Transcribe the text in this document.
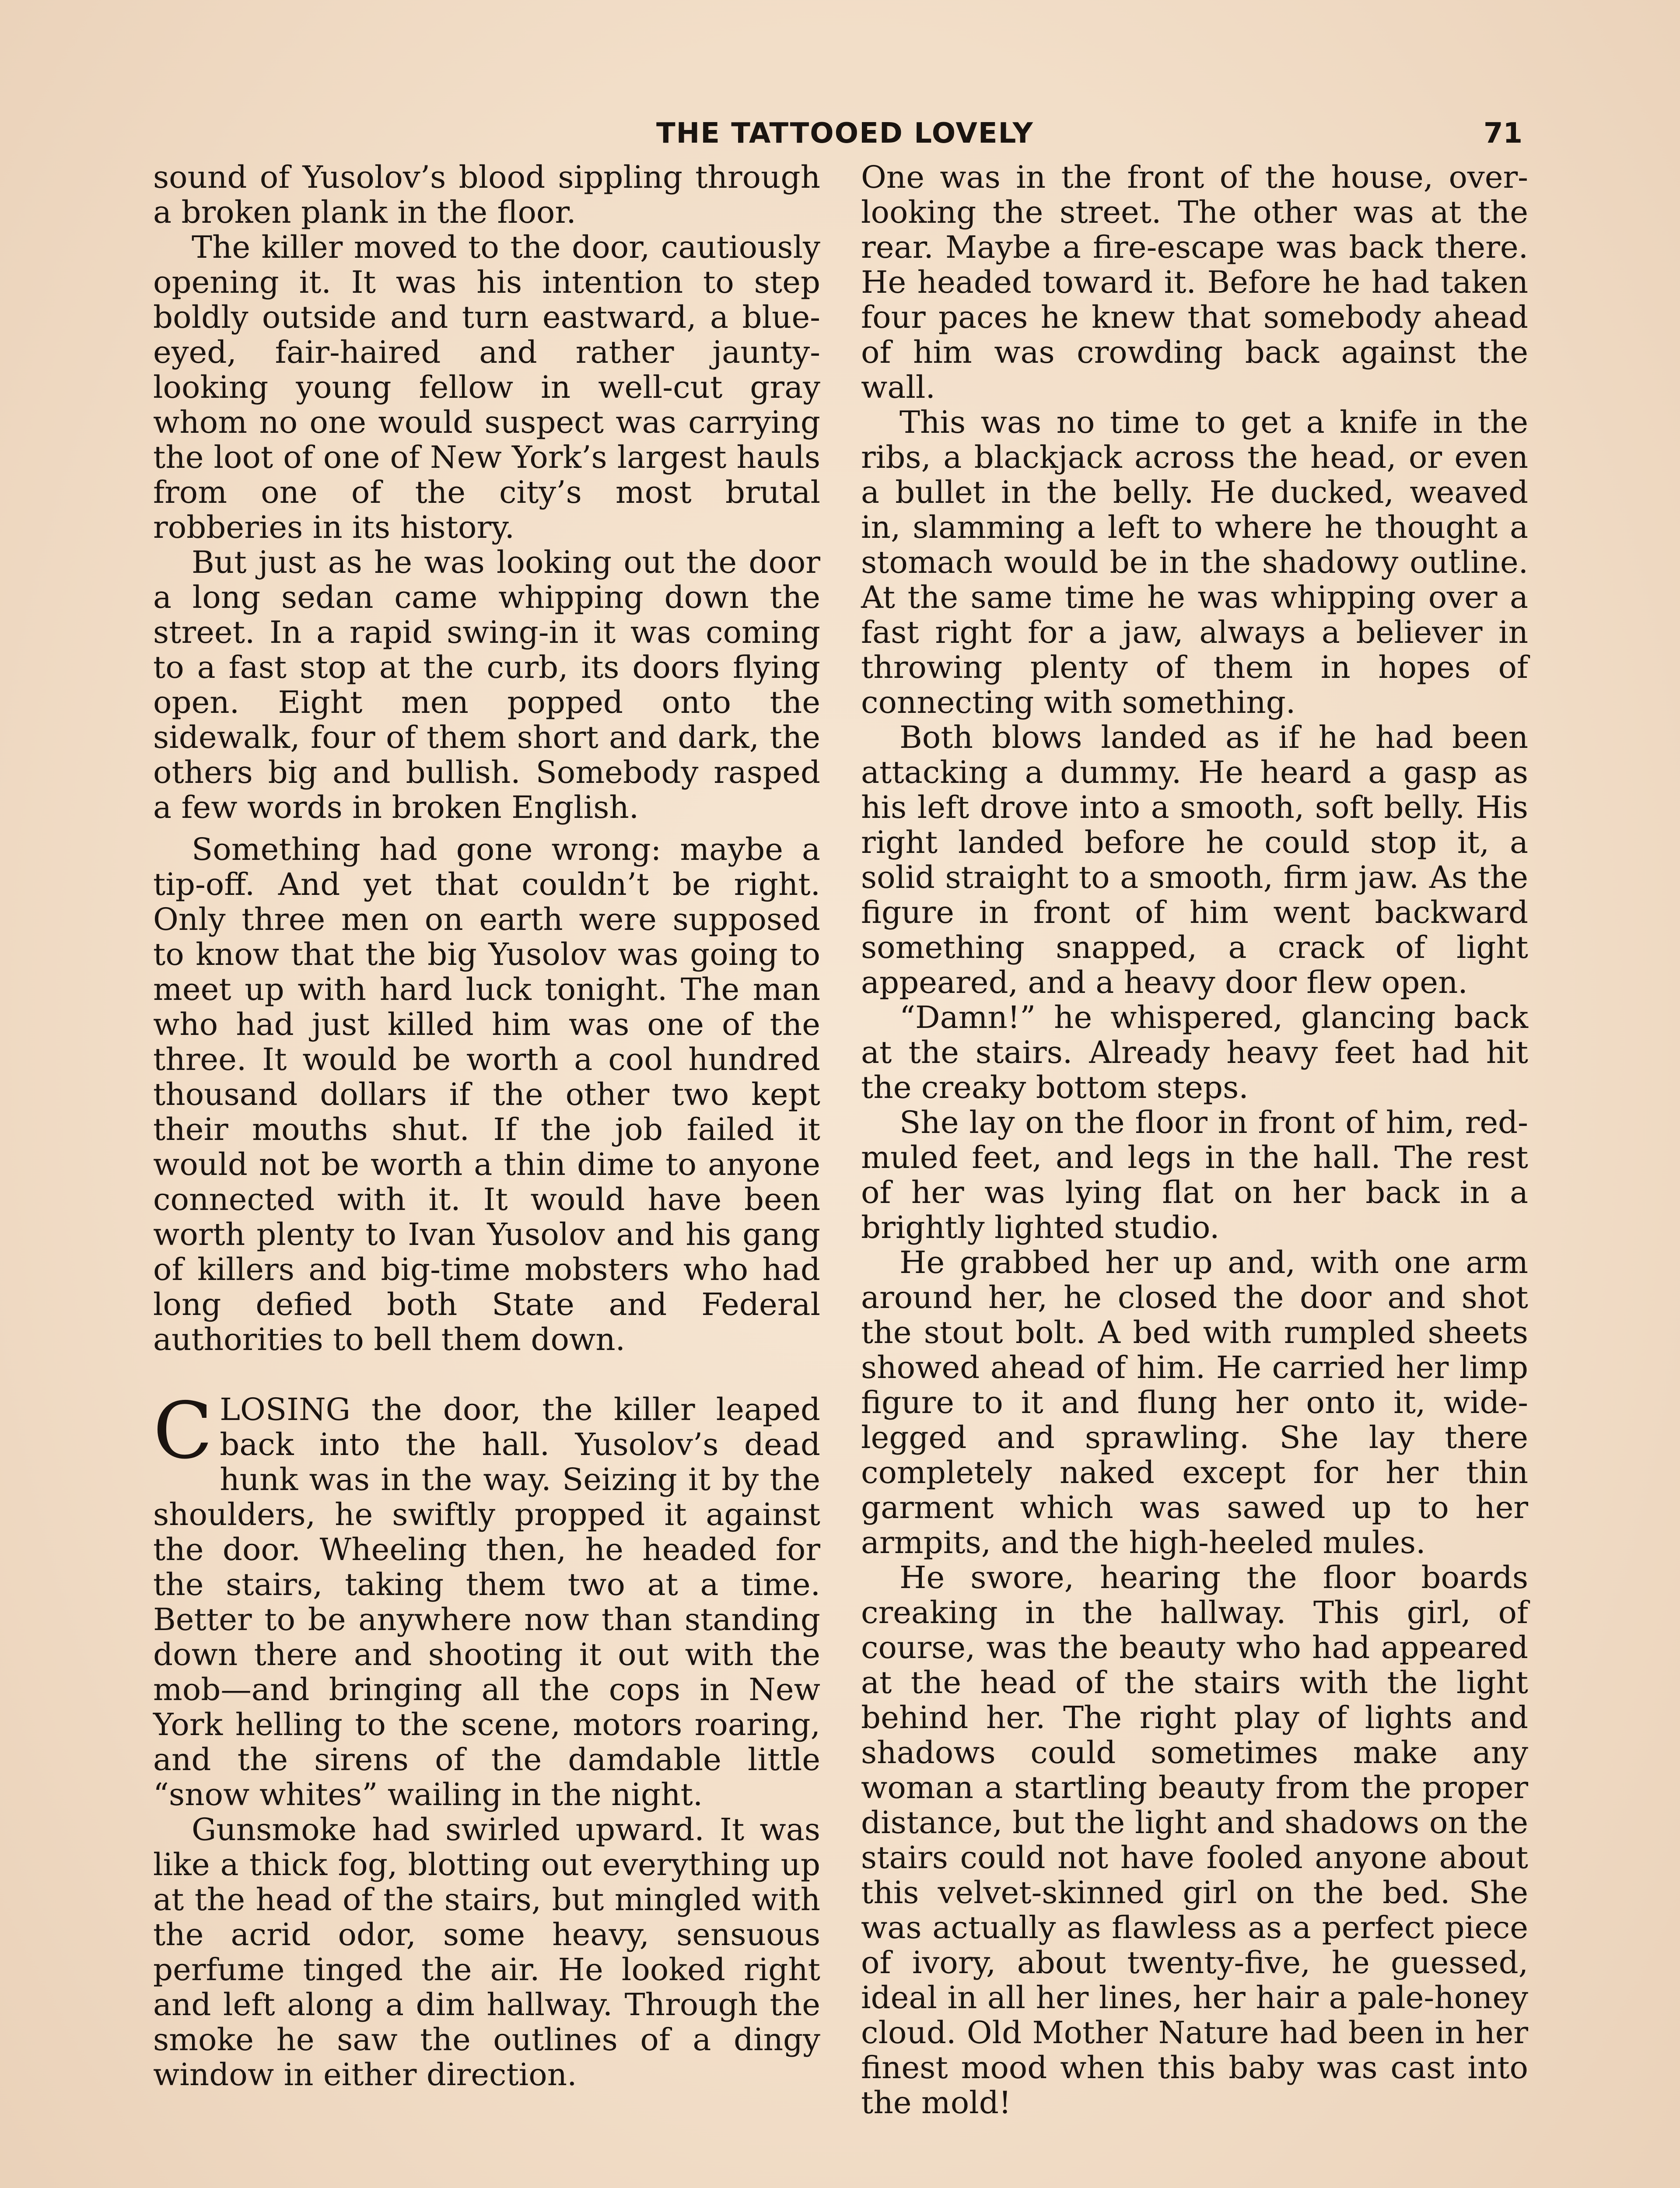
THE TATTOOED LOVELY	71

sound of Yusolov’s blood sippling through a broken plank in the floor.

The killer moved to the door, cautiously opening it. It was his intention to step boldly outside and turn eastward, a blue-eyed, fair-haired and rather jaunty-looking young fellow in well-cut gray whom no one would suspect was carrying the loot of one of New York’s largest hauls from one of the city’s most brutal robberies in its history.

But just as he was looking out the door a long sedan came whipping down the street. In a rapid swing-in it was coming to a fast stop at the curb, its doors flying open. Eight men popped onto the sidewalk, four of them short and dark, the others big and bullish. Somebody rasped a few words in broken English.

Something had gone wrong: maybe a tip-off. And yet that couldn’t be right. Only three men on earth were supposed to know that the big Yusolov was going to meet up with hard luck tonight. The man who had just killed him was one of the three. It would be worth a cool hundred thousand dollars if the other two kept their mouths shut. If the job failed it would not be worth a thin dime to anyone connected with it. It would have been worth plenty to Ivan Yusolov and his gang of killers and big-time mobsters who had long defied both State and Federal authorities to bell them down.

CLOSING the door, the killer leaped back into the hall. Yusolov’s dead hunk was in the way. Seizing it by the shoulders, he swiftly propped it against the door. Wheeling then, he headed for the stairs, taking them two at a time. Better to be anywhere now than standing down there and shooting it out with the mob—and bringing all the cops in New York helling to the scene, motors roaring, and the sirens of the damdable little “snow whites” wailing in the night.

Gunsmoke had swirled upward. It was like a thick fog, blotting out everything up at the head of the stairs, but mingled with the acrid odor, some heavy, sensuous perfume tinged the air. He looked right and left along a dim hallway. Through the smoke he saw the outlines of a dingy window in either direction.

One was in the front of the house, overlooking the street. The other was at the rear. Maybe a fire-escape was back there. He headed toward it. Before he had taken four paces he knew that somebody ahead of him was crowding back against the wall.

This was no time to get a knife in the ribs, a blackjack across the head, or even a bullet in the belly. He ducked, weaved in, slamming a left to where he thought a stomach would be in the shadowy outline. At the same time he was whipping over a fast right for a jaw, always a believer in throwing plenty of them in hopes of connecting with something.

Both blows landed as if he had been attacking a dummy. He heard a gasp as his left drove into a smooth, soft belly. His right landed before he could stop it, a solid straight to a smooth, firm jaw. As the figure in front of him went backward something snapped, a crack of light appeared, and a heavy door flew open.

“Damn!” he whispered, glancing back at the stairs. Already heavy feet had hit the creaky bottom steps.

She lay on the floor in front of him, red-muled feet, and legs in the hall. The rest of her was lying flat on her back in a brightly lighted studio.

He grabbed her up and, with one arm around her, he closed the door and shot the stout bolt. A bed with rumpled sheets showed ahead of him. He carried her limp figure to it and flung her onto it, wide-legged and sprawling. She lay there completely naked except for her thin garment which was sawed up to her armpits, and the high-heeled mules.

He swore, hearing the floor boards creaking in the hallway. This girl, of course, was the beauty who had appeared at the head of the stairs with the light behind her. The right play of lights and shadows could sometimes make any woman a startling beauty from the proper distance, but the light and shadows on the stairs could not have fooled anyone about this velvet-skinned girl on the bed. She was actually as flawless as a perfect piece of ivory, about twenty-five, he guessed, ideal in all her lines, her hair a pale-honey cloud. Old Mother Nature had been in her finest mood when this baby was cast into the mold!
